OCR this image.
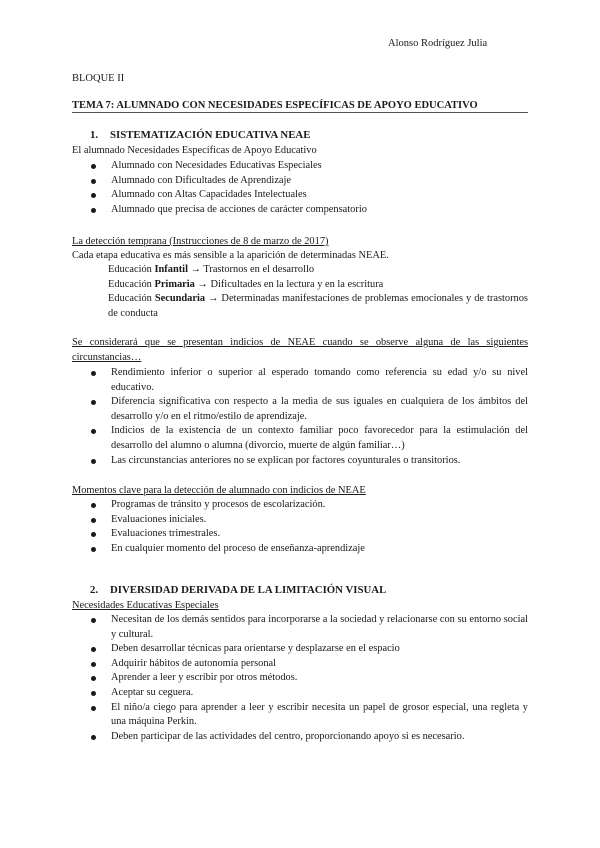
Alonso Rodríguez Julia
BLOQUE II
TEMA 7: ALUMNADO CON NECESIDADES ESPECÍFICAS DE APOYO EDUCATIVO
1. SISTEMATIZACIÓN EDUCATIVA NEAE
El alumnado Necesidades Específicas de Apoyo Educativo
Alumnado con Necesidades Educativas Especiales
Alumnado con Dificultades de Aprendizaje
Alumnado con Altas Capacidades Intelectuales
Alumnado que precisa de acciones de carácter compensatorio
La detección temprana (Instrucciones de 8 de marzo de 2017)
Cada etapa educativa es más sensible a la aparición de determinadas NEAE.
Educación Infantil → Trastornos en el desarrollo
Educación Primaria → Dificultades en la lectura y en la escritura
Educación Secundaria → Determinadas manifestaciones de problemas emocionales y de trastornos de conducta
Se considerará que se presentan indicios de NEAE cuando se observe alguna de las siguientes circunstancias…
Rendimiento inferior o superior al esperado tomando como referencia su edad y/o su nivel educativo.
Diferencia significativa con respecto a la media de sus iguales en cualquiera de los ámbitos del desarrollo y/o en el ritmo/estilo de aprendizaje.
Indicios de la existencia de un contexto familiar poco favorecedor para la estimulación del desarrollo del alumno o alumna (divorcio, muerte de algún familiar…)
Las circunstancias anteriores no se explican por factores coyunturales o transitorios.
Momentos clave para la detección de alumnado con indicios de NEAE
Programas de tránsito y procesos de escolarización.
Evaluaciones iniciales.
Evaluaciones trimestrales.
En cualquier momento del proceso de enseñanza-aprendizaje
2. DIVERSIDAD DERIVADA DE LA LIMITACIÓN VISUAL
Necesidades Educativas Especiales
Necesitan de los demás sentidos para incorporarse a la sociedad y relacionarse con su entorno social y cultural.
Deben desarrollar técnicas para orientarse y desplazarse en el espacio
Adquirir hábitos de autonomía personal
Aprender a leer y escribir por otros métodos.
Aceptar su ceguera.
El niño/a ciego para aprender a leer y escribir necesita un papel de grosor especial, una regleta y una máquina Perkin.
Deben participar de las actividades del centro, proporcionando apoyo si es necesario.
